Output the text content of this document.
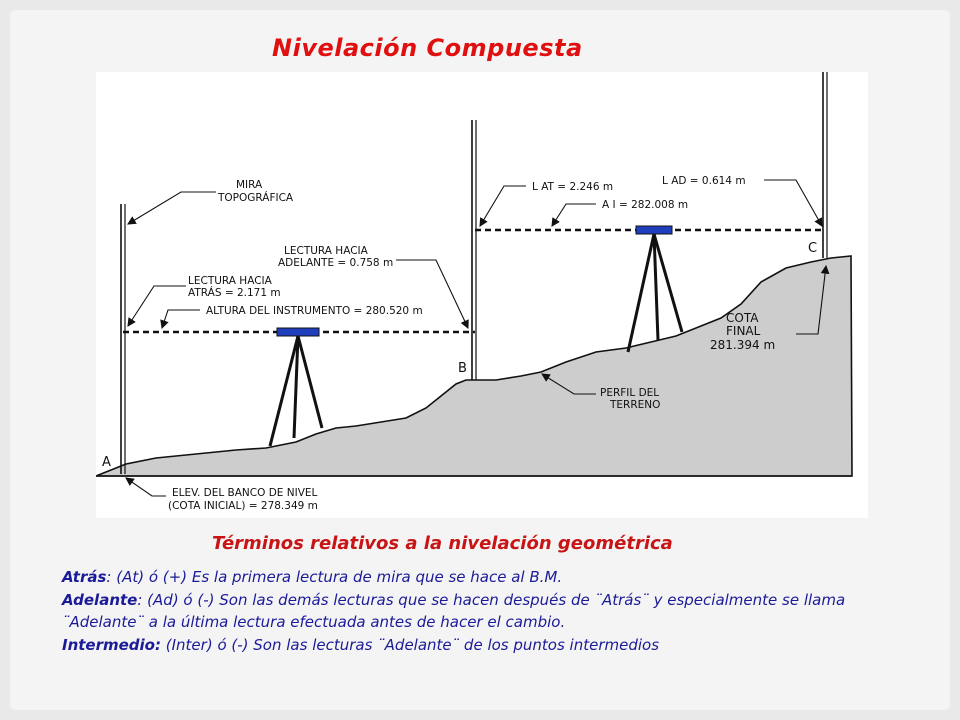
Nivelación Compuesta
MIRA
TOPOGRÁFICA
LECTURA HACIA
ADELANTE = 0.758 m
LECTURA HACIA
ATRÁS = 2.171 m
ALTURA DEL INSTRUMENTO = 280.520 m
L AT = 2.246 m	L AD = 0.614 m
A I = 282.008 m
A
B
C
COTA
FINAL
281.394 m
PERFIL DEL
TERRENO
ELEV. DEL BANCO DE NIVEL
(COTA INICIAL) = 278.349 m
Términos relativos a la nivelación geométrica

Atrás: (At) ó (+) Es la primera lectura de mira que se hace al B.M.

Adelante: (Ad) ó (-) Son las demás lecturas que se hacen después de ¨Atrás¨ y especialmente se llama ¨Adelante¨ a la última lectura efectuada antes de hacer el cambio.

Intermedio: (Inter) ó (-) Son las lecturas ¨Adelante¨ de los puntos intermedios
